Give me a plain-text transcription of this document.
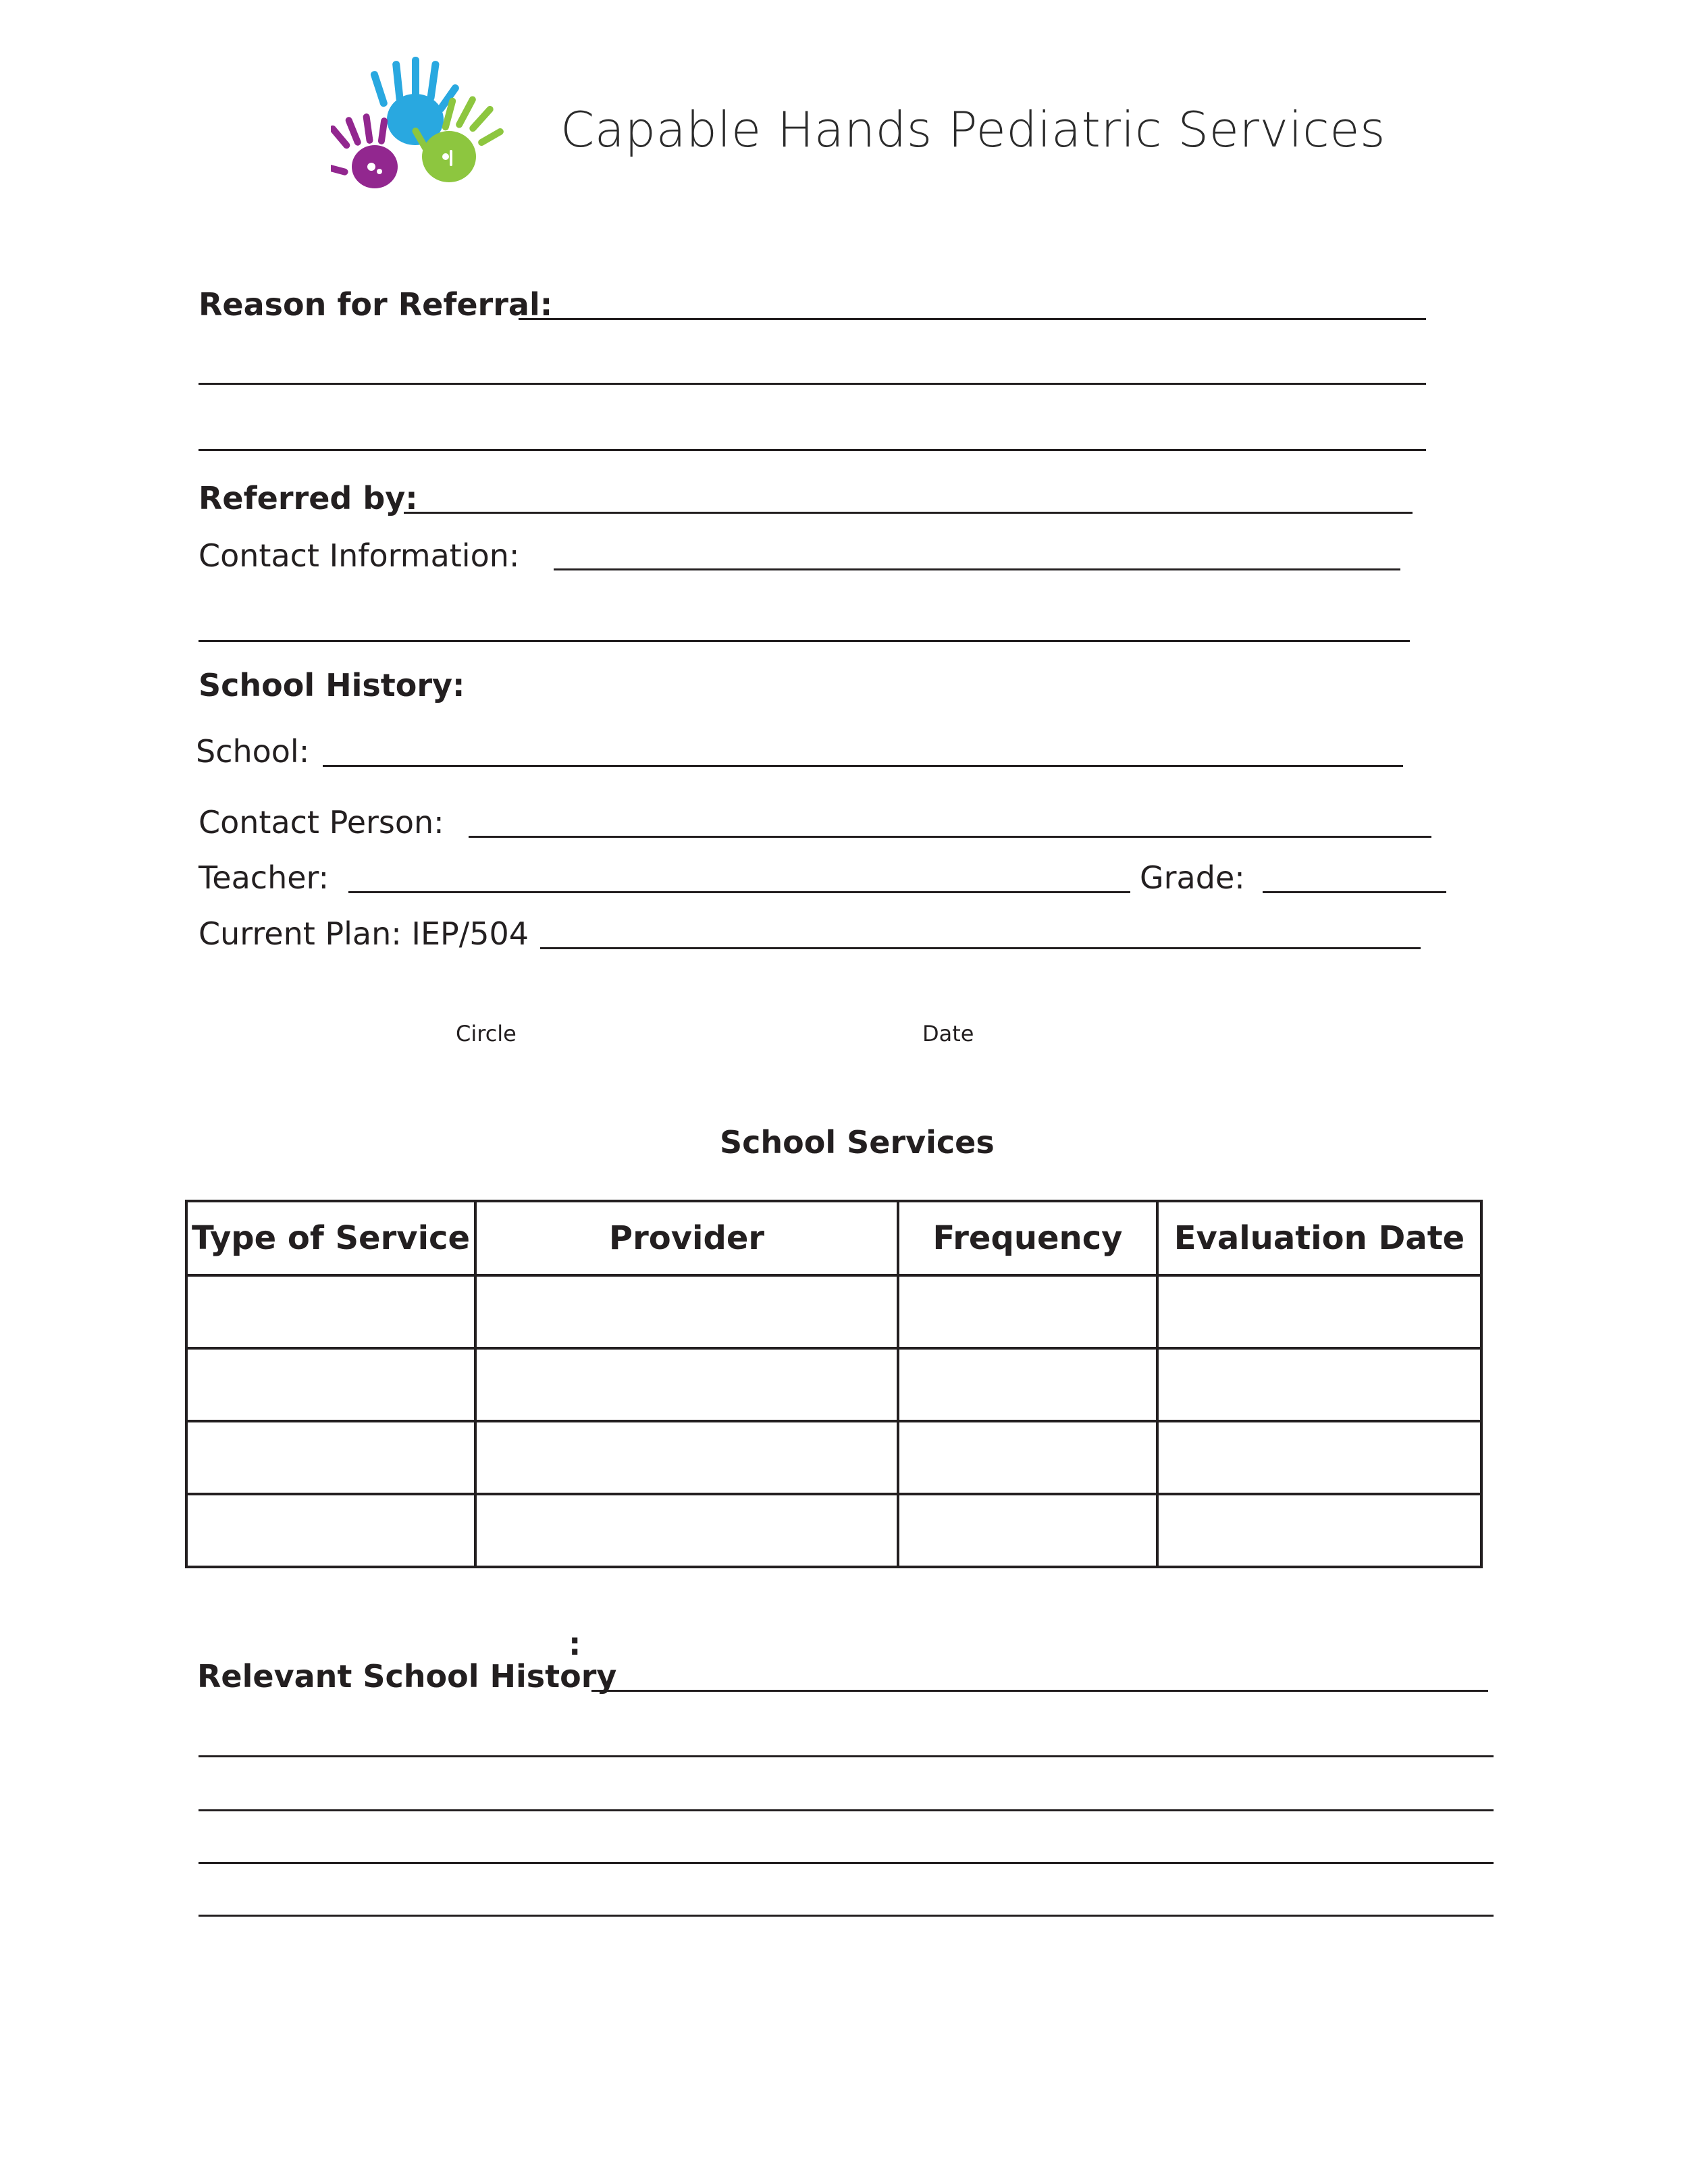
Capable Hands Pediatric Services
Reason for Referral:
Referred by:
Contact Information:
School History:
School:
Contact Person:
Teacher:	Grade:
Current Plan: IEP/504
Circle	Date
School Services
Type of Service	Provider	Frequency	Evaluation Date

Relevant School History
:
